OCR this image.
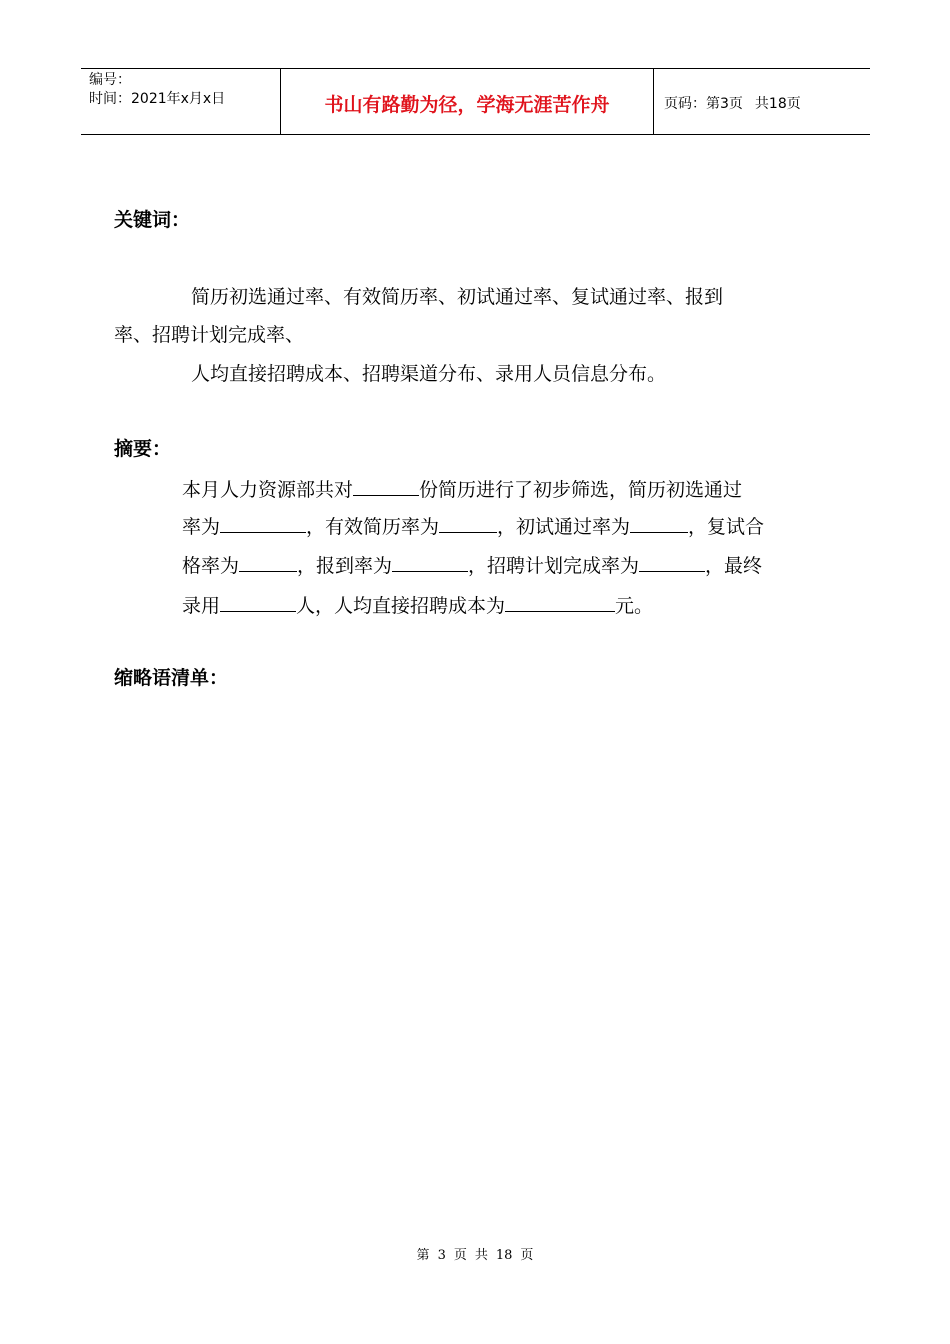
编号：
时间：2021年x月x日	书山有路勤为径，学海无涯苦作舟	页码：第3页 共18页
关键词：
简历初选通过率、有效简历率、初试通过率、复试通过率、报到
率、招聘计划完成率、
人均直接招聘成本、招聘渠道分布、录用人员信息分布。
摘要：
本月人力资源部共对	份简历进行了初步筛选，简历初选通过
率为	，有效简历率为	，初试通过率为	，复试合
格率为	，报到率为	，招聘计划完成率为	，最终
录用	人，人均直接招聘成本为	元。
缩略语清单：
第 3 页 共 18 页
